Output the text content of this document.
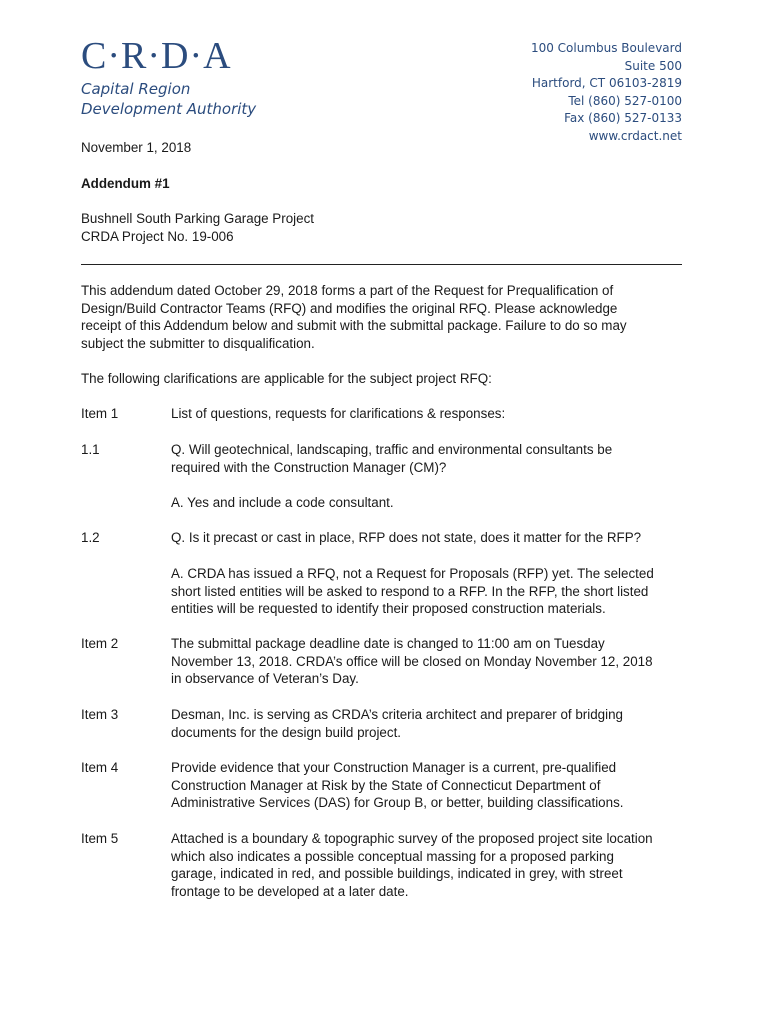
C·R·D·A
Capital Region
Development Authority
100 Columbus Boulevard
Suite 500
Hartford, CT 06103-2819
Tel (860) 527-0100
Fax (860) 527-0133
www.crdact.net
November 1, 2018
Addendum #1
Bushnell South Parking Garage Project
CRDA Project No. 19-006
This addendum dated October 29, 2018 forms a part of the Request for Prequalification of
Design/Build Contractor Teams (RFQ) and modifies the original RFQ. Please acknowledge
receipt of this Addendum below and submit with the submittal package. Failure to do so may
subject the submitter to disqualification.
The following clarifications are applicable for the subject project RFQ:
Item 1	List of questions, requests for clarifications & responses:
1.1	Q. Will geotechnical, landscaping, traffic and environmental consultants be
required with the Construction Manager (CM)?
A. Yes and include a code consultant.
1.2	Q. Is it precast or cast in place, RFP does not state, does it matter for the RFP?
A. CRDA has issued a RFQ, not a Request for Proposals (RFP) yet. The selected
short listed entities will be asked to respond to a RFP. In the RFP, the short listed
entities will be requested to identify their proposed construction materials.
Item 2	The submittal package deadline date is changed to 11:00 am on Tuesday
November 13, 2018. CRDA’s office will be closed on Monday November 12, 2018
in observance of Veteran’s Day.
Item 3	Desman, Inc. is serving as CRDA’s criteria architect and preparer of bridging
documents for the design build project.
Item 4	Provide evidence that your Construction Manager is a current, pre-qualified
Construction Manager at Risk by the State of Connecticut Department of
Administrative Services (DAS) for Group B, or better, building classifications.
Item 5	Attached is a boundary & topographic survey of the proposed project site location
which also indicates a possible conceptual massing for a proposed parking
garage, indicated in red, and possible buildings, indicated in grey, with street
frontage to be developed at a later date.
